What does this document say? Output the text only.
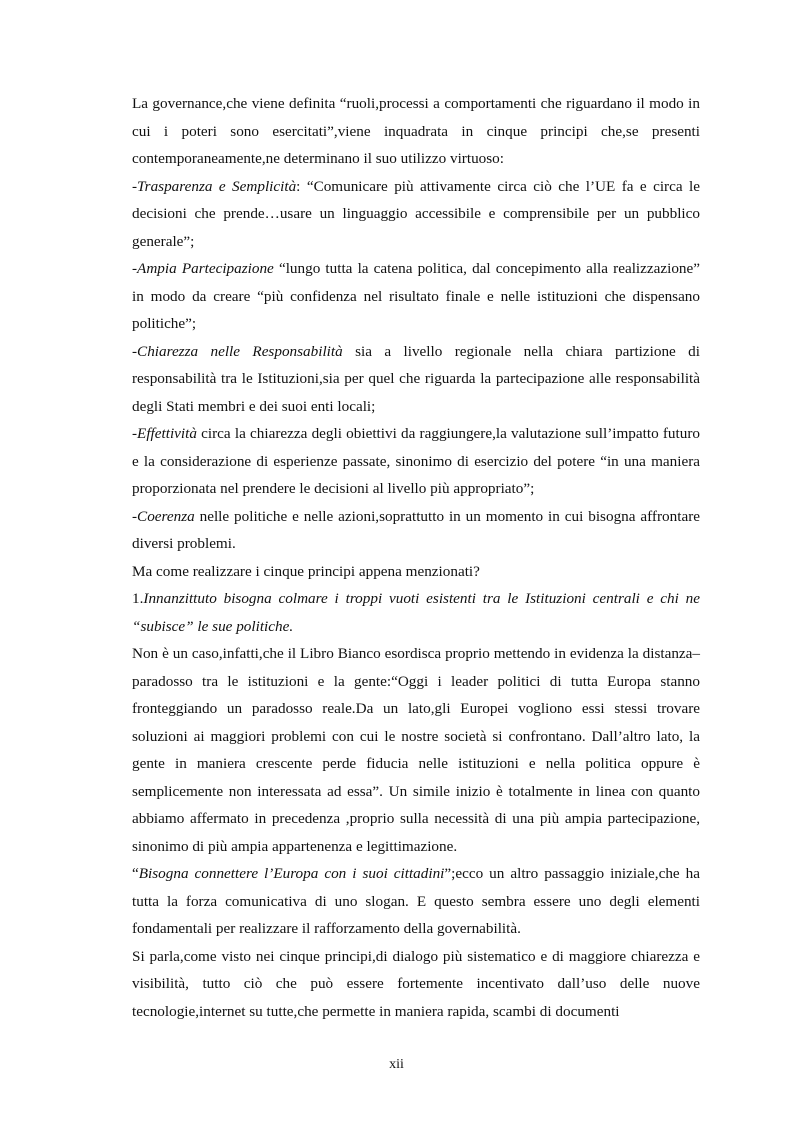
La governance,che viene definita “ruoli,processi a comportamenti che riguardano il modo in cui i poteri sono esercitati”,viene inquadrata in cinque principi che,se presenti contemporaneamente,ne determinano il suo utilizzo virtuoso:

-Trasparenza e Semplicità: “Comunicare più attivamente circa ciò che l’UE fa e circa le decisioni che prende…usare un linguaggio accessibile e comprensibile per un pubblico generale”;

-Ampia Partecipazione “lungo tutta la catena politica, dal concepimento alla realizzazione” in modo da creare “più confidenza nel risultato finale e nelle istituzioni che dispensano politiche”;

-Chiarezza nelle Responsabilità sia a livello regionale nella chiara partizione di responsabilità tra le Istituzioni,sia per quel che riguarda la partecipazione alle responsabilità degli Stati membri e dei suoi enti locali;

-Effettività circa la chiarezza degli obiettivi da raggiungere,la valutazione sull’impatto futuro e la considerazione di esperienze passate, sinonimo di esercizio del potere “in una maniera proporzionata nel prendere le decisioni al livello più appropriato”;

-Coerenza nelle politiche e nelle azioni,soprattutto in un momento in cui bisogna affrontare diversi problemi.

Ma come realizzare i cinque principi appena menzionati?

1.Innanzittuto bisogna colmare i troppi vuoti esistenti tra le Istituzioni centrali e chi ne “subisce” le sue politiche.

Non è un caso,infatti,che il Libro Bianco esordisca proprio mettendo in evidenza la distanza–paradosso tra le istituzioni e la gente:“Oggi i leader politici di tutta Europa stanno fronteggiando un paradosso reale.Da un lato,gli Europei vogliono essi stessi trovare soluzioni ai maggiori problemi con cui le nostre società si confrontano. Dall’altro lato, la gente in maniera crescente perde fiducia nelle istituzioni e nella politica oppure è semplicemente non interessata ad essa”. Un simile inizio è totalmente in linea con quanto abbiamo affermato in precedenza ,proprio sulla necessità di una più ampia partecipazione, sinonimo di più ampia appartenenza e legittimazione.

“Bisogna connettere l’Europa con i suoi cittadini”;ecco un altro passaggio iniziale,che ha tutta la forza comunicativa di uno slogan. E questo sembra essere uno degli elementi fondamentali per realizzare il rafforzamento della governabilità.

Si parla,come visto nei cinque principi,di dialogo più sistematico e di maggiore chiarezza e visibilità, tutto ciò che può essere fortemente incentivato dall’uso delle nuove tecnologie,internet su tutte,che permette in maniera rapida, scambi di documenti

xii
